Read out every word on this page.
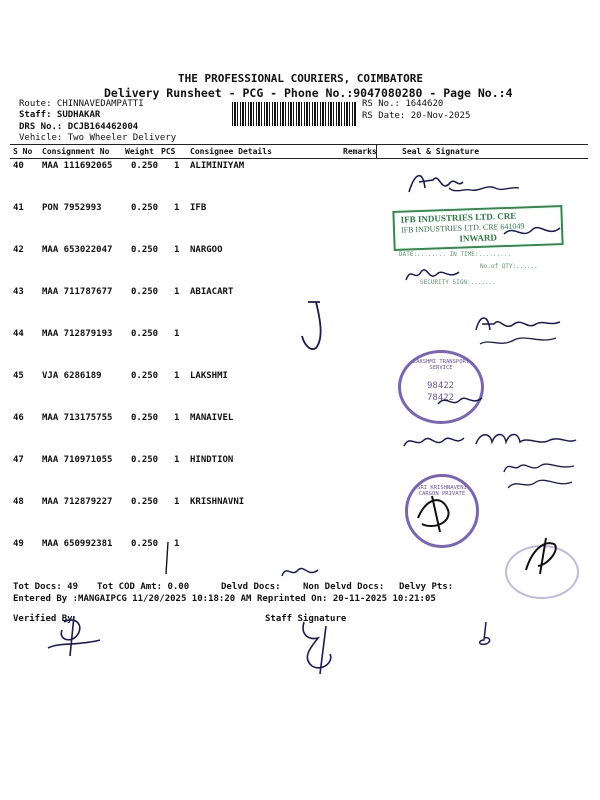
THE PROFESSIONAL COURIERS, COIMBATORE
Delivery Runsheet - PCG - Phone No.:9047080280 - Page No.:4
Route: CHINNAVEDAMPATTI
Staff: SUDHAKAR
DRS No.: DCJB164462004
Vehicle: Two Wheeler Delivery
RS No.: 1644620
RS Date: 20-Nov-2025
S No Consignment No Weight PCS Consignee Details	Remarks	Seal & Signature
40 MAA 111692065 0.250 1 ALIMINIYAM
41 PON 7952993	0.250 1 IFB
42 MAA 653022047 0.250 1 NARGOO
43 MAA 711787677 0.250 1 ABIACART
44 MAA 712879193 0.250 1
45 VJA 6286189	0.250 1 LAKSHMI
46 MAA 713175755 0.250 1 MANAIVEL
47 MAA 710971055 0.250 1 HINDTION
48 MAA 712879227 0.250 1 KRISHNAVNI
49 MAA 650992381 0.250 1
Tot Docs: 49 Tot COD Amt: 0.00	Delvd Docs: Non Delvd Docs: Delvy Pts:
Entered By :MANGAIPCG 11/20/2025 10:18:20 AM Reprinted On: 20-11-2025 10:21:05
Verified By	Staff Signature
IFB INDUSTRIES LTD. CRE
IFB INDUSTRIES LTD. CRE 641049
INWARD
DATE:........ IN TIME:.........
No.of QTY:......
SECURITY SIGN:.......
LAKSHMI TRANSPORT SERVICE
98422
78422
SRI KRISHNAVENI CARGON PRIVATE
